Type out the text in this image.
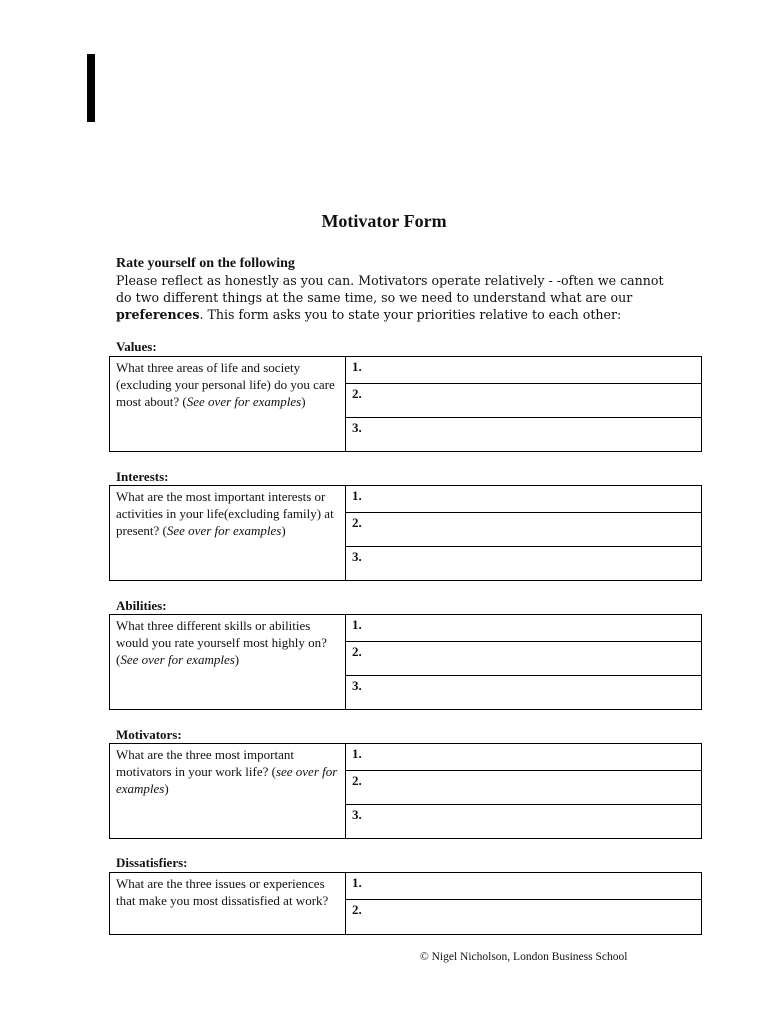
Motivator Form
Rate yourself on the following
Please reflect as honestly as you can. Motivators operate relatively - -often we cannot
do two different things at the same time, so we need to understand what are our
preferences. This form asks you to state your priorities relative to each other:
Values:
What three areas of life and society (excluding your personal life) do you care most about? (See over for examples)
1.
2.
3.
Interests:
What are the most important interests or activities in your life(excluding family) at present? (See over for examples)
1.
2.
3.
Abilities:
What three different skills or abilities would you rate yourself most highly on? (See over for examples)
1.
2.
3.
Motivators:
What are the three most important motivators in your work life? (see over for examples)
1.
2.
3.
Dissatisfiers:
What are the three issues or experiences that make you most dissatisfied at work?
1.
2.
© Nigel Nicholson, London Business School
